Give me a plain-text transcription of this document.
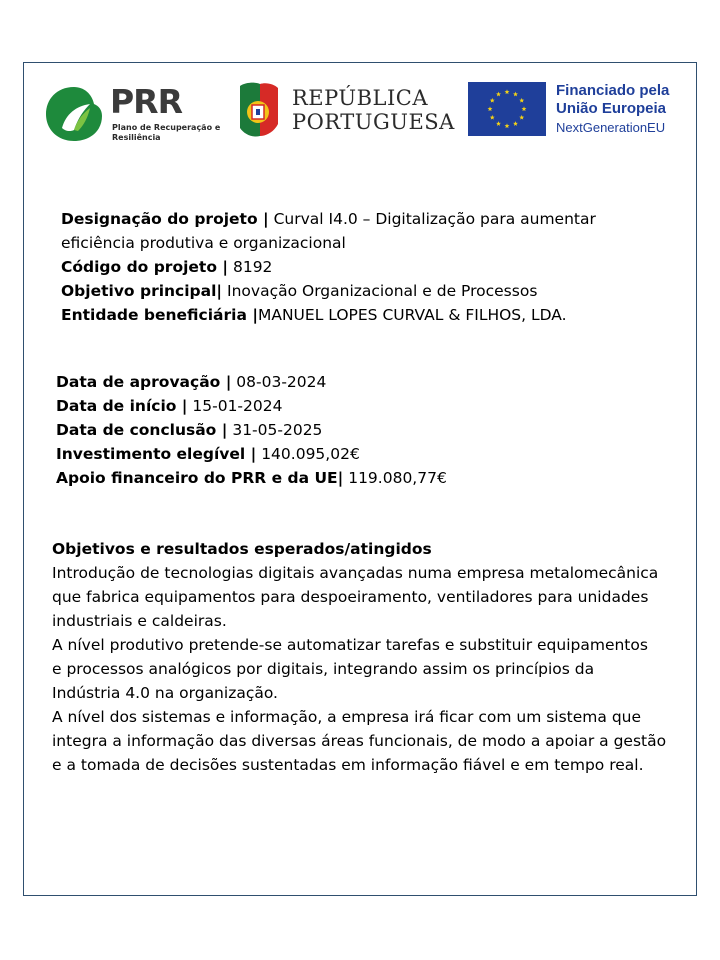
PRR
Plano de Recuperação e Resiliência
REPÚBLICA
PORTUGUESA
Financiado pela
União Europeia
NextGenerationEU
Designação do projeto | Curval I4.0 – Digitalização para aumentar
eficiência produtiva e organizacional
Código do projeto | 8192
Objetivo principal| Inovação Organizacional e de Processos
Entidade beneficiária |MANUEL LOPES CURVAL & FILHOS, LDA.
Data de aprovação | 08-03-2024
Data de início | 15-01-2024
Data de conclusão | 31-05-2025
Investimento elegível | 140.095,02€
Apoio financeiro do PRR e da UE| 119.080,77€
Objetivos e resultados esperados/atingidos
Introdução de tecnologias digitais avançadas numa empresa metalomecânica
que fabrica equipamentos para despoeiramento, ventiladores para unidades
industriais e caldeiras.
A nível produtivo pretende-se automatizar tarefas e substituir equipamentos
e processos analógicos por digitais, integrando assim os princípios da
Indústria 4.0 na organização.
A nível dos sistemas e informação, a empresa irá ficar com um sistema que
integra a informação das diversas áreas funcionais, de modo a apoiar a gestão
e a tomada de decisões sustentadas em informação fiável e em tempo real.
